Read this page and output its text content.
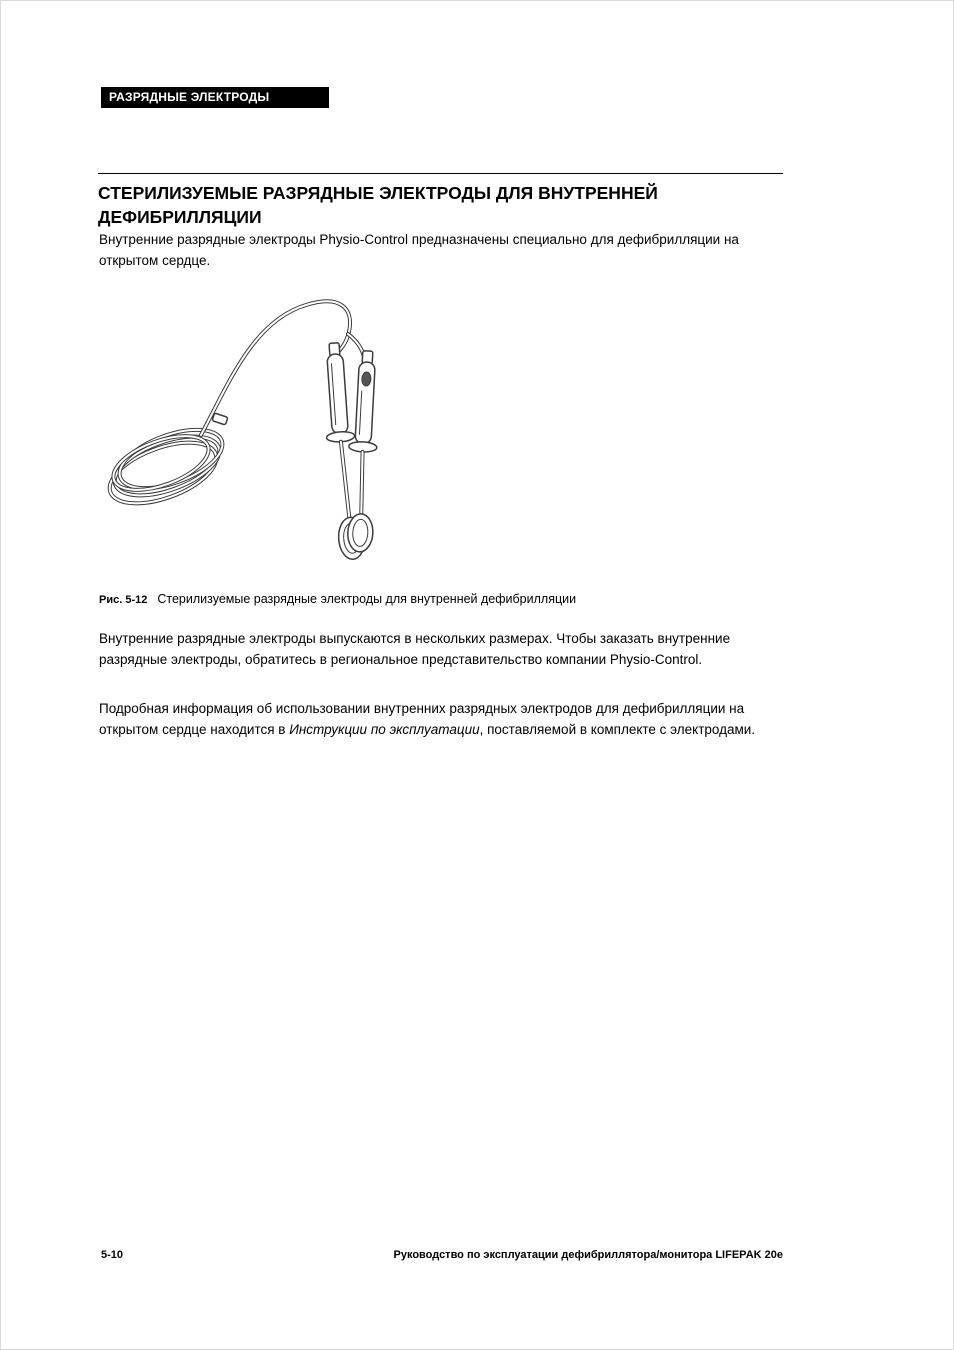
РАЗРЯДНЫЕ ЭЛЕКТРОДЫ
СТЕРИЛИЗУЕМЫЕ РАЗРЯДНЫЕ ЭЛЕКТРОДЫ ДЛЯ ВНУТРЕННЕЙ ДЕФИБРИЛЛЯЦИИ
Внутренние разрядные электроды Physio-Control предназначены специально для дефибрилляции на открытом сердце.
Рис. 5-12 Стерилизуемые разрядные электроды для внутренней дефибрилляции
Внутренние разрядные электроды выпускаются в нескольких размерах. Чтобы заказать внутренние разрядные электроды, обратитесь в региональное представительство компании Physio-Control.
Подробная информация об использовании внутренних разрядных электродов для дефибрилляции на открытом сердце находится в Инструкции по эксплуатации, поставляемой в комплекте с электродами.
5-10	Руководство по эксплуатации дефибриллятора/монитора LIFEPAK 20e
